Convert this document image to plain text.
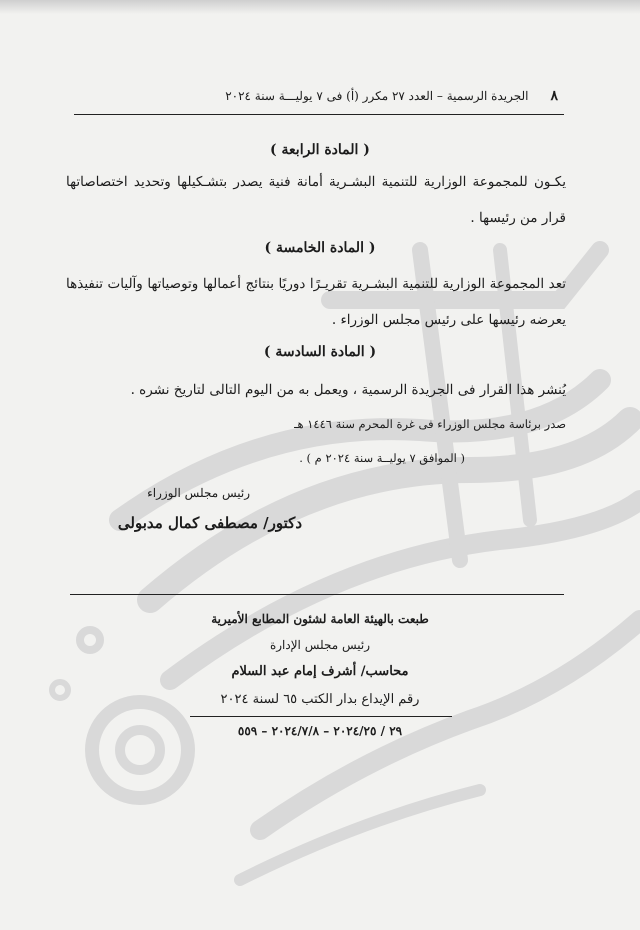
٨الجريدة الرسمية – العدد ٢٧ مكرر (أ) فى ٧ يوليـــة سنة ٢٠٢٤
( المادة الرابعة )
يكـون للمجموعة الوزارية للتنمية البشـرية أمانة فنية يصدر بتشـكيلها وتحديد اختصاصاتها قرار من رئيسها .
( المادة الخامسة )
تعد المجموعة الوزارية للتنمية البشـرية تقريـرًا دوريًا بنتائج أعمالها وتوصياتها وآليات تنفيذها يعرضه رئيسها على رئيس مجلس الوزراء .
( المادة السادسة )
يُنشر هذا القرار فى الجريدة الرسمية ، ويعمل به من اليوم التالى لتاريخ نشره .
صدر برئاسة مجلس الوزراء فى غرة المحرم سنة ١٤٤٦ هـ
( الموافق ٧ يوليــة سنة ٢٠٢٤ م ) .
رئيس مجلس الوزراء
دكتور/ مصطفى كمال مدبولى
طبعت بالهيئة العامة لشئون المطابع الأميرية
رئيس مجلس الإدارة
محاسب/ أشرف إمام عبد السلام
رقم الإيداع بدار الكتب ٦٥ لسنة ٢٠٢٤
٢٩ / ٢٠٢٤/٢٥ – ٢٠٢٤/٧/٨ – ٥٥٩
